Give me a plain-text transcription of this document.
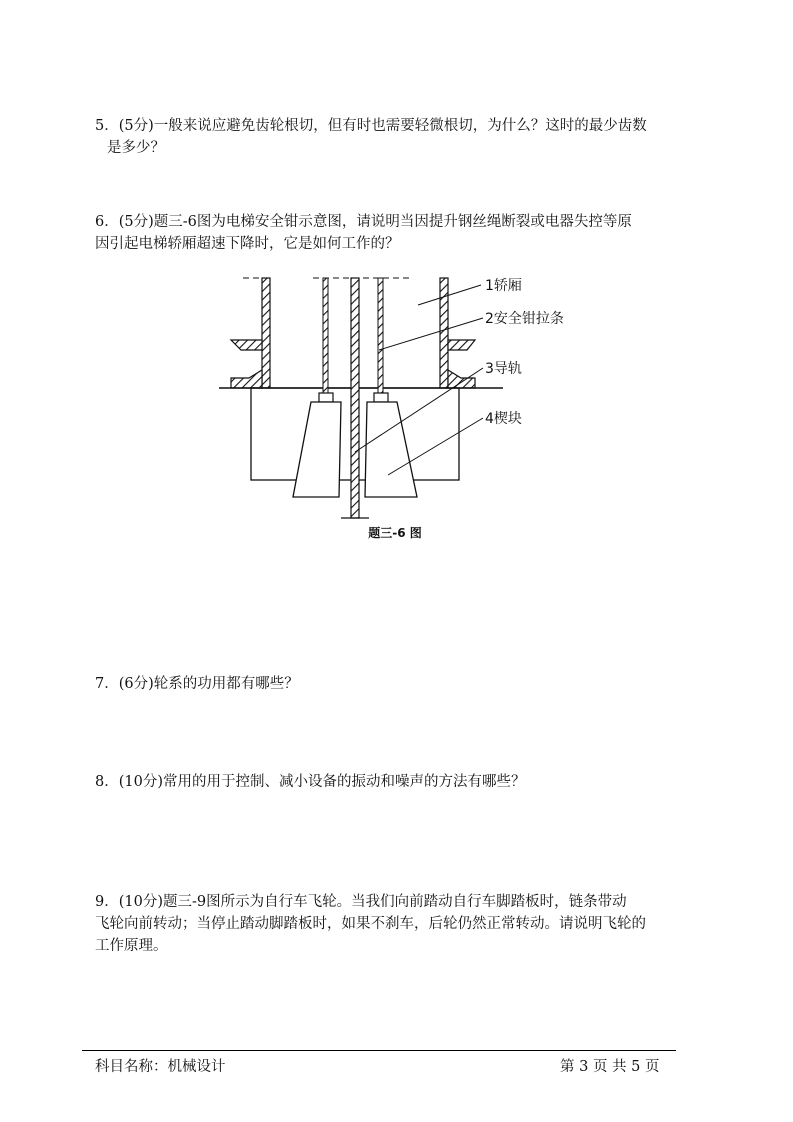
5．(5分)一般来说应避免齿轮根切，但有时也需要轻微根切，为什么？这时的最少齿数
是多少？
6．(5分)题三-6图为电梯安全钳示意图，请说明当因提升钢丝绳断裂或电器失控等原
因引起电梯轿厢超速下降时，它是如何工作的？
1轿厢
2安全钳拉条
3导轨
4楔块
题三-6 图
7．(6分)轮系的功用都有哪些？
8．(10分)常用的用于控制、减小设备的振动和噪声的方法有哪些？
9．(10分)题三-9图所示为自行车飞轮。当我们向前踏动自行车脚踏板时，链条带动
飞轮向前转动；当停止踏动脚踏板时，如果不刹车，后轮仍然正常转动。请说明飞轮的
工作原理。
科目名称：机械设计	第 3 页 共 5 页
